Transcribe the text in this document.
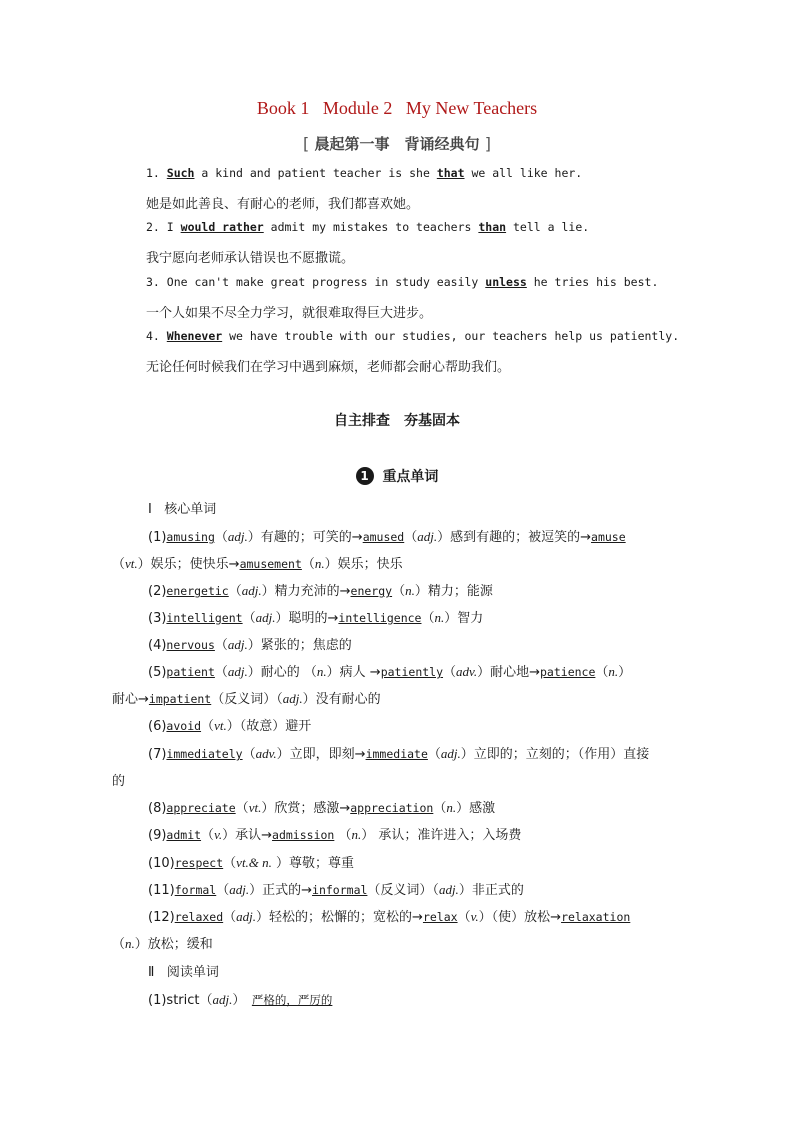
Book 1   Module 2   My New Teachers
[ 晨起第一事　背诵经典句 ]
1. Such a kind and patient teacher is she that we all like her.
她是如此善良、有耐心的老师，我们都喜欢她。
2. I would rather admit my mistakes to teachers than tell a lie.
我宁愿向老师承认错误也不愿撒谎。
3. One can't make great progress in study easily unless he tries his best.
一个人如果不尽全力学习，就很难取得巨大进步。
4. Whenever we have trouble with our studies, our teachers help us patiently.
无论任何时候我们在学习中遇到麻烦，老师都会耐心帮助我们。
自主排查　夯基固本
1 重点单词
Ⅰ 核心单词
(1)amusing（adj.）有趣的；可笑的→amused（adj.）感到有趣的；被逗笑的→amuse
（vt.）娱乐；使快乐→amusement（n.）娱乐；快乐
(2)energetic（adj.）精力充沛的→energy（n.）精力；能源
(3)intelligent（adj.）聪明的→intelligence（n.）智力
(4)nervous（adj.）紧张的；焦虑的
(5)patient（adj.）耐心的 （n.）病人 →patiently（adv.）耐心地→patience（n.）
耐心→impatient（反义词）（adj.）没有耐心的
(6)avoid（vt.）（故意）避开
(7)immediately（adv.）立即，即刻→immediate（adj.）立即的；立刻的；（作用）直接
的
(8)appreciate（vt.）欣赏；感激→appreciation（n.）感激
(9)admit（v.）承认→admission （n.） 承认；准许进入；入场费
(10)respect（vt.& n. ）尊敬；尊重
(11)formal（adj.）正式的→informal（反义词）（adj.）非正式的
(12)relaxed（adj.）轻松的；松懈的；宽松的→relax（v.）（使）放松→relaxation
（n.）放松；缓和
Ⅱ 阅读单词
(1)strict（adj.）　严格的，严厉的
